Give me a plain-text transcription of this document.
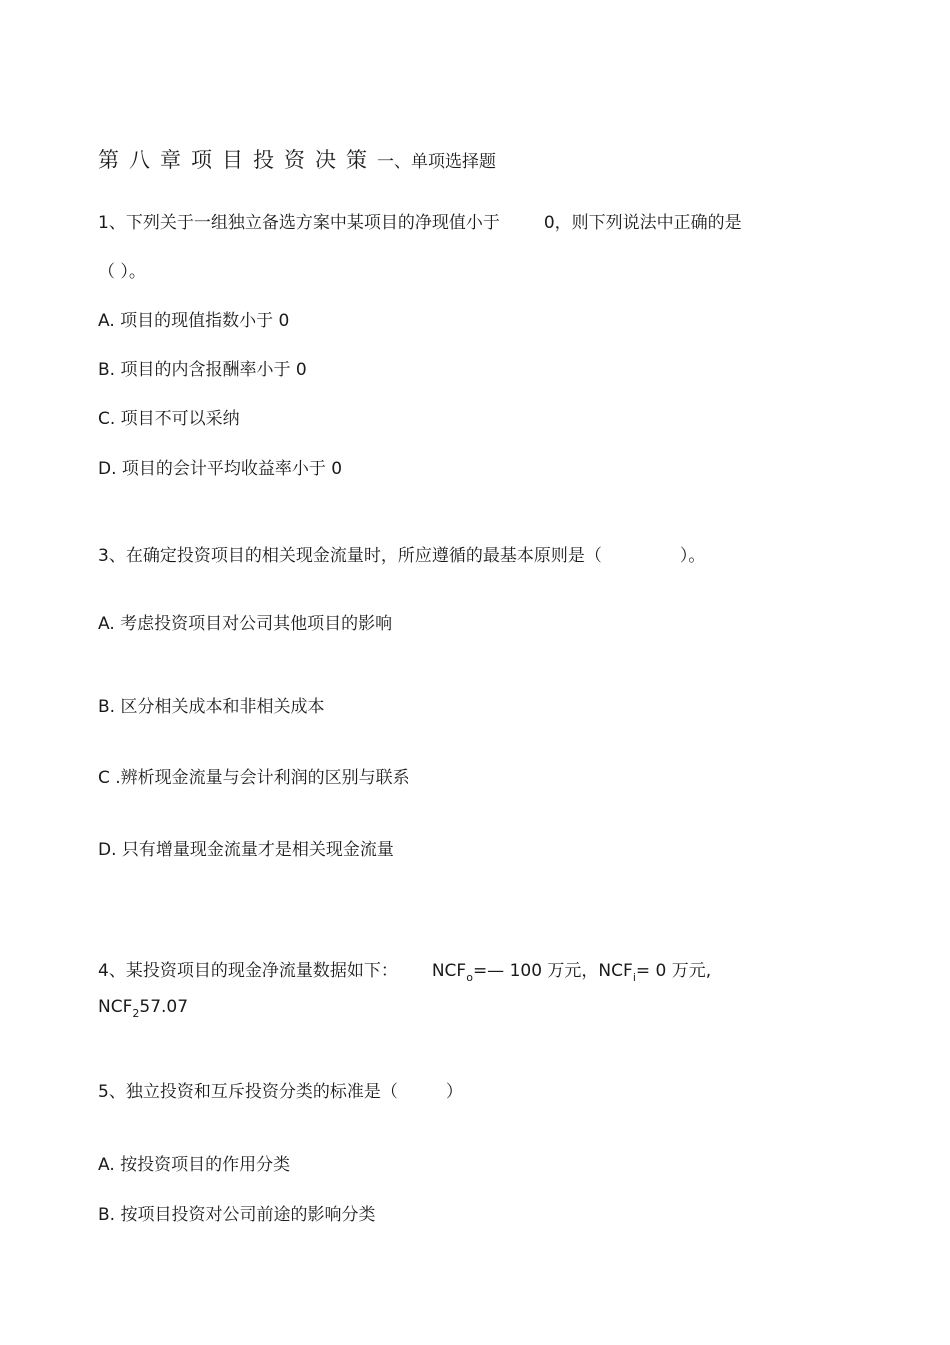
第八章项目投资决策一、单项选择题
1、下列关于一组独立备选方案中某项目的净现值小于	0，则下列说法中正确的是
（ ）。
A. 项目的现值指数小于 0
B. 项目的内含报酬率小于 0
C. 项目不可以采纳
D. 项目的会计平均收益率小于 0
3、在确定投资项目的相关现金流量时，所应遵循的最基本原则是（	）。
A. 考虑投资项目对公司其他项目的影响
B. 区分相关成本和非相关成本
C .辨析现金流量与会计利润的区别与联系
D. 只有增量现金流量才是相关现金流量
4、某投资项目的现金净流量数据如下： $NCF_o=—$ 100 万元，$NCF_i= 0$ 万元,
$NCF_257.07$
5、独立投资和互斥投资分类的标准是（	）
A. 按投资项目的作用分类
B. 按项目投资对公司前途的影响分类
